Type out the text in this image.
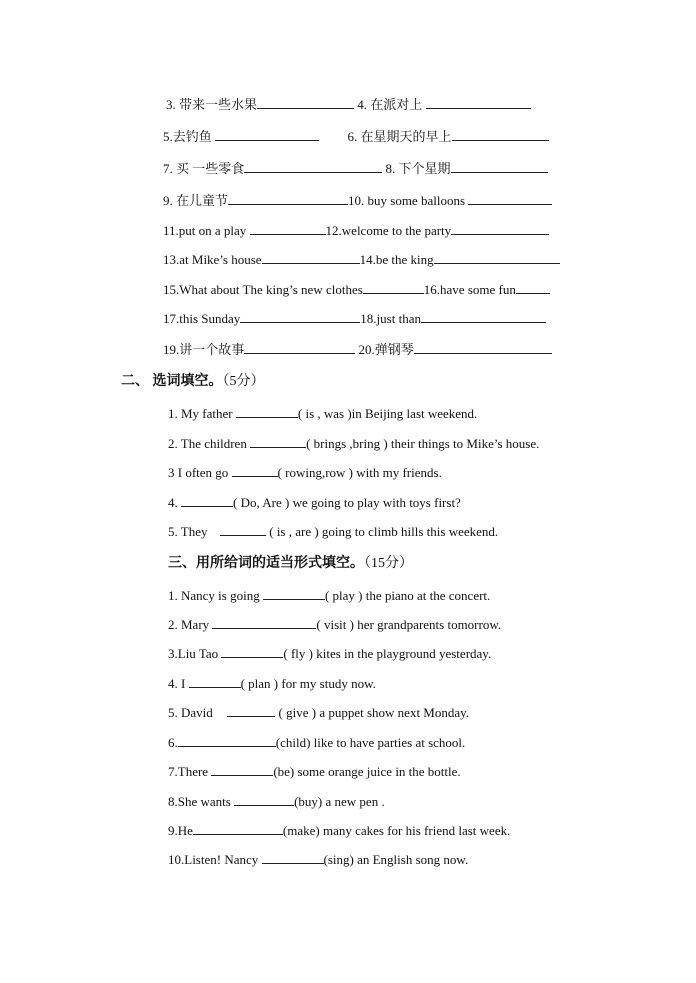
3. 带来一些水果	4. 在派对上
5.去钓鱼	6. 在星期天的早上
7. 买 一些零食	8. 下个星期
9. 在儿童节	10. buy some balloons
11.put on a play	12.welcome to the party
13.at Mike’s house	14.be the king
15.What about The king’s new clothes	16.have some fun
17.this Sunday	18.just than
19.讲一个故事	20.弹钢琴
二、 选词填空。（5分）
1. My father	( is , was )in Beijing last weekend.
2. The children	( brings ,bring ) their things to Mike’s house.
3 I often go	( rowing,row ) with my friends.
4.	( Do, Are ) we going to play with toys first?
5. They	( is , are ) going to climb hills this weekend.
三、用所给词的适当形式填空。（15分）
1. Nancy is going	( play ) the piano at the concert.
2. Mary	( visit ) her grandparents tomorrow.
3.Liu Tao	( fly ) kites in the playground yesterday.
4. I	( plan ) for my study now.
5. David	( give ) a puppet show next Monday.
6.	(child) like to have parties at school.
7.There	(be) some orange juice in the bottle.
8.She wants	(buy) a new pen .
9.He	(make) many cakes for his friend last week.
10.Listen! Nancy	(sing) an English song now.
